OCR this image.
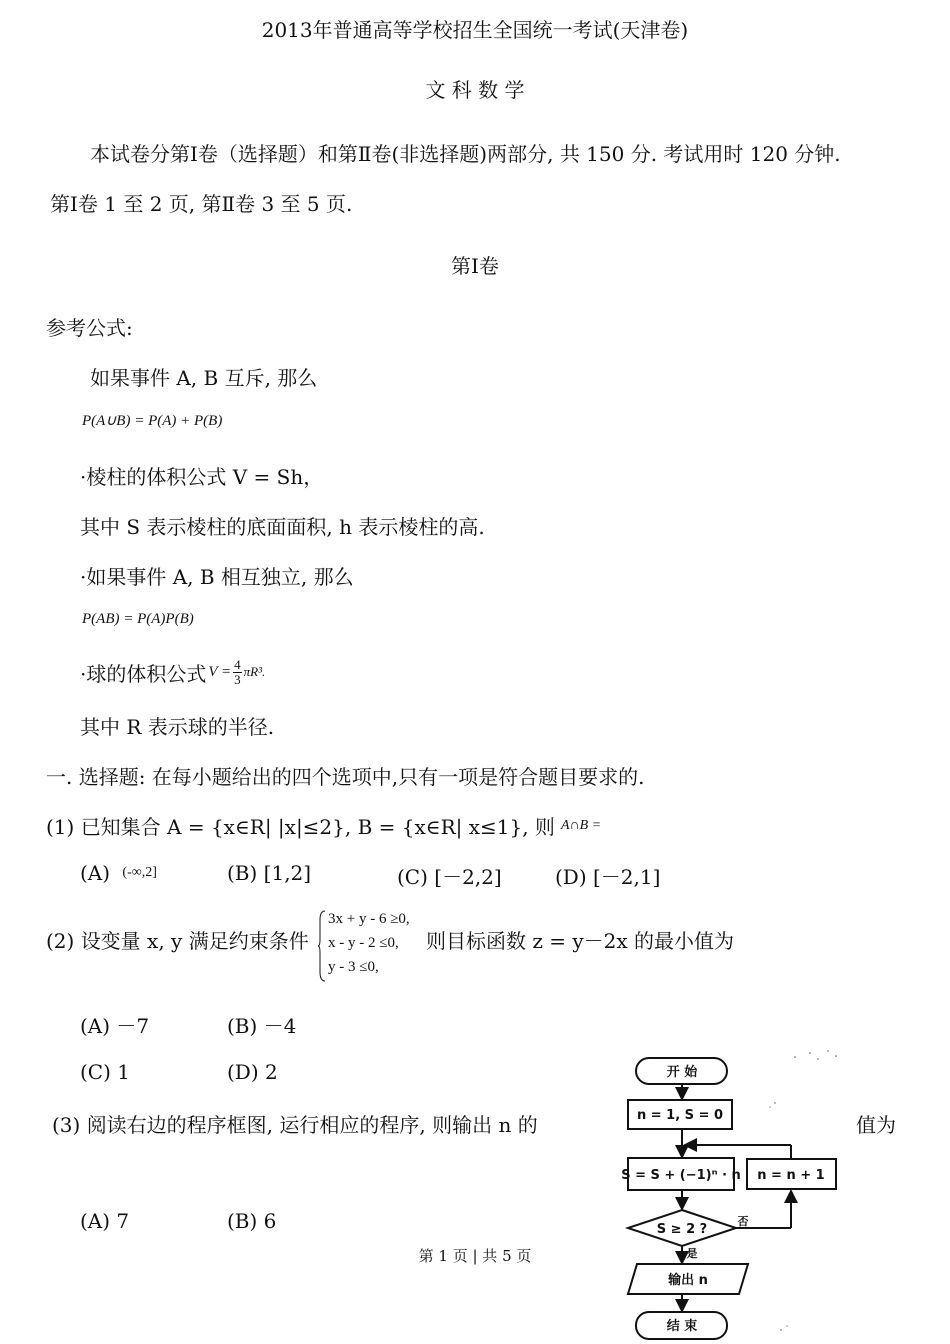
2013年普通高等学校招生全国统一考试(天津卷)
文 科 数 学
本试卷分第Ⅰ卷（选择题）和第Ⅱ卷(非选择题)两部分, 共 150 分. 考试用时 120 分钟.
第Ⅰ卷 1 至 2 页, 第Ⅱ卷 3 至 5 页.
第Ⅰ卷
参考公式:
如果事件 A, B 互斥, 那么
P(A∪B) = P(A) + P(B)
·棱柱的体积公式 V = Sh，
其中 S 表示棱柱的底面面积, h 表示棱柱的高.
·如果事件 A, B 相互独立, 那么
P(AB) = P(A)P(B)
·球的体积公式 $V = \frac{4}{3} \pi R^3$.
其中 R 表示球的半径.
一. 选择题: 在每小题给出的四个选项中,只有一项是符合题目要求的.
(1) 已知集合 A = {x∈R| |x|≤2}, B = {x∈R| x≤1}, 则 A∩B =
(A) $^{(-\infty,2]}$	(B) [1,2]	(C) [－2,2]	(D) [－2,1]
(2) 设变量 x, y 满足约束条件
3x + y - 6 ≥0,
x - y - 2 ≤0,
y - 3 ≤0,
则目标函数 z = y－2x 的最小值为
(A) －7	(B) －4
(C) 1	(D) 2
(3) 阅读右边的程序框图, 运行相应的程序, 则输出 n 的	值为
(A) 7	(B) 6
开 始
n = 1, S = 0
S = S + (−1)ⁿ · n n = n + 1
S ≥ 2 ?
否
是
输出 n
结 束
第 1 页 | 共 5 页
